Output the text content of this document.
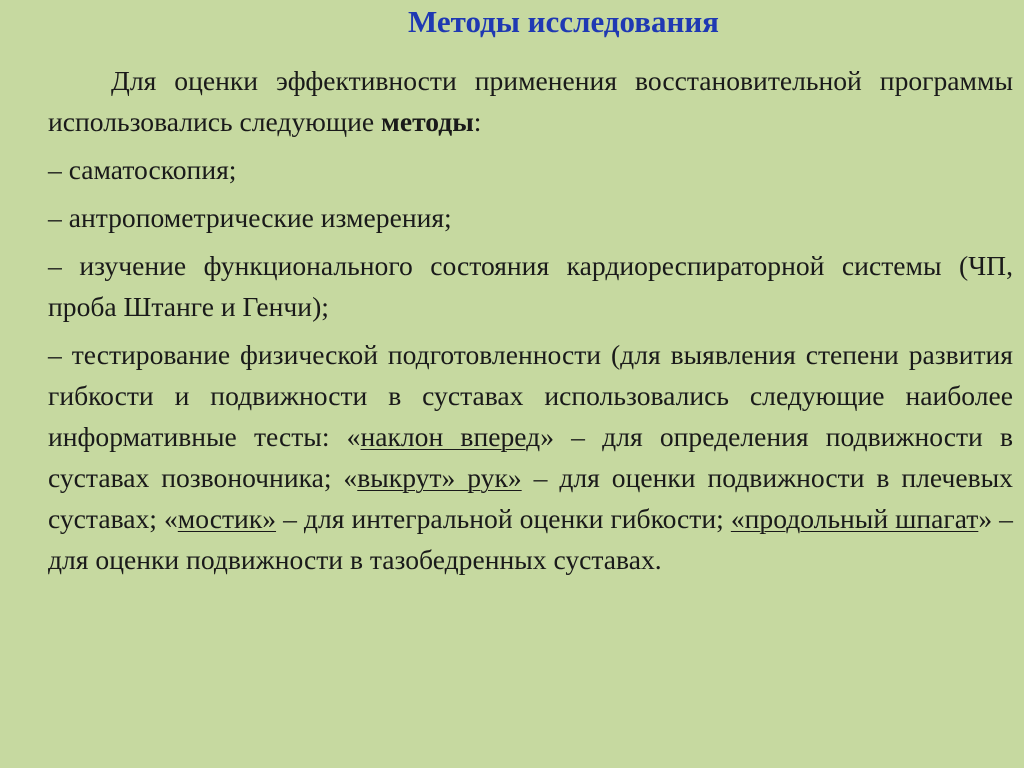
Методы исследования

Для оценки эффективности применения восстановительной программы использовались следующие методы:

– саматоскопия;

– антропометрические измерения;

– изучение функционального состояния кардиореспираторной системы (ЧП, проба Штанге и Генчи);

– тестирование физической подготовленности (для выявления степени развития гибкости и подвижности в суставах использовались следующие наиболее информативные тесты: «наклон вперед» – для определения подвижности в суставах позвоночника; «выкрут» рук» – для оценки подвижности в плечевых суставах; «мостик» – для интегральной оценки гибкости; «продольный шпагат» – для оценки подвижности в тазобедренных суставах.
